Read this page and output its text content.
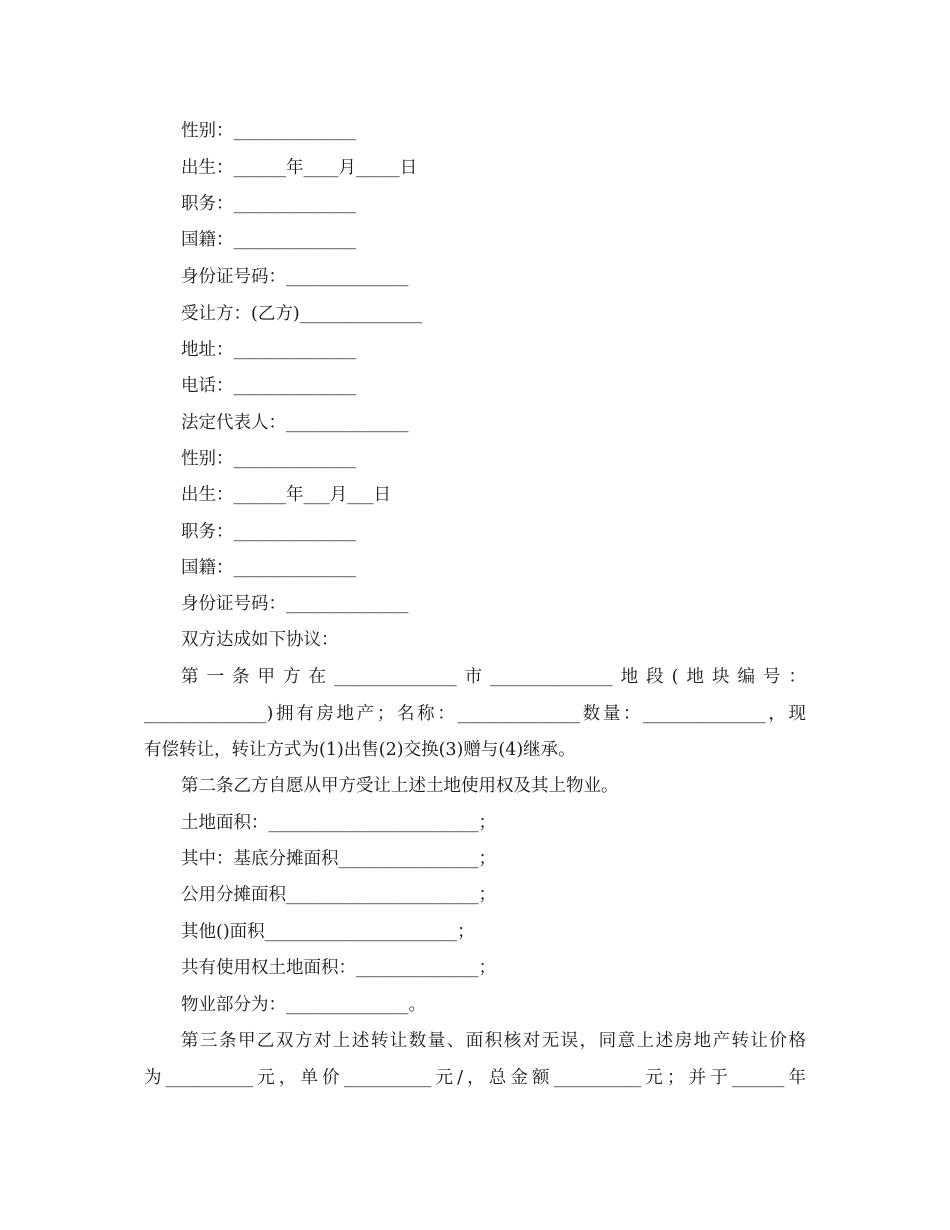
性别：______________
出生：______年____月_____日
职务：______________
国籍：______________
身份证号码：______________
受让方：(乙方)______________
地址：______________
电话：______________
法定代表人：______________
性别：______________
出生：______年___月___日
职务：______________
国籍：______________
身份证号码：______________
双方达成如下协议：
第一条甲方在______________市______________地段(地块编号：
______________)拥有房地产；名称：______________数量：______________，现
有偿转让，转让方式为(1)出售(2)交换(3)赠与(4)继承。
第二条乙方自愿从甲方受让上述土地使用权及其上物业。
土地面积：________________________；
其中：基底分摊面积________________；
公用分摊面积______________________；
其他()面积______________________；
共有使用权土地面积：______________；
物业部分为：______________。
第三条甲乙双方对上述转让数量、面积核对无误，同意上述房地产转让价格
为__________元，单价__________元/，总金额__________元；并于______年
